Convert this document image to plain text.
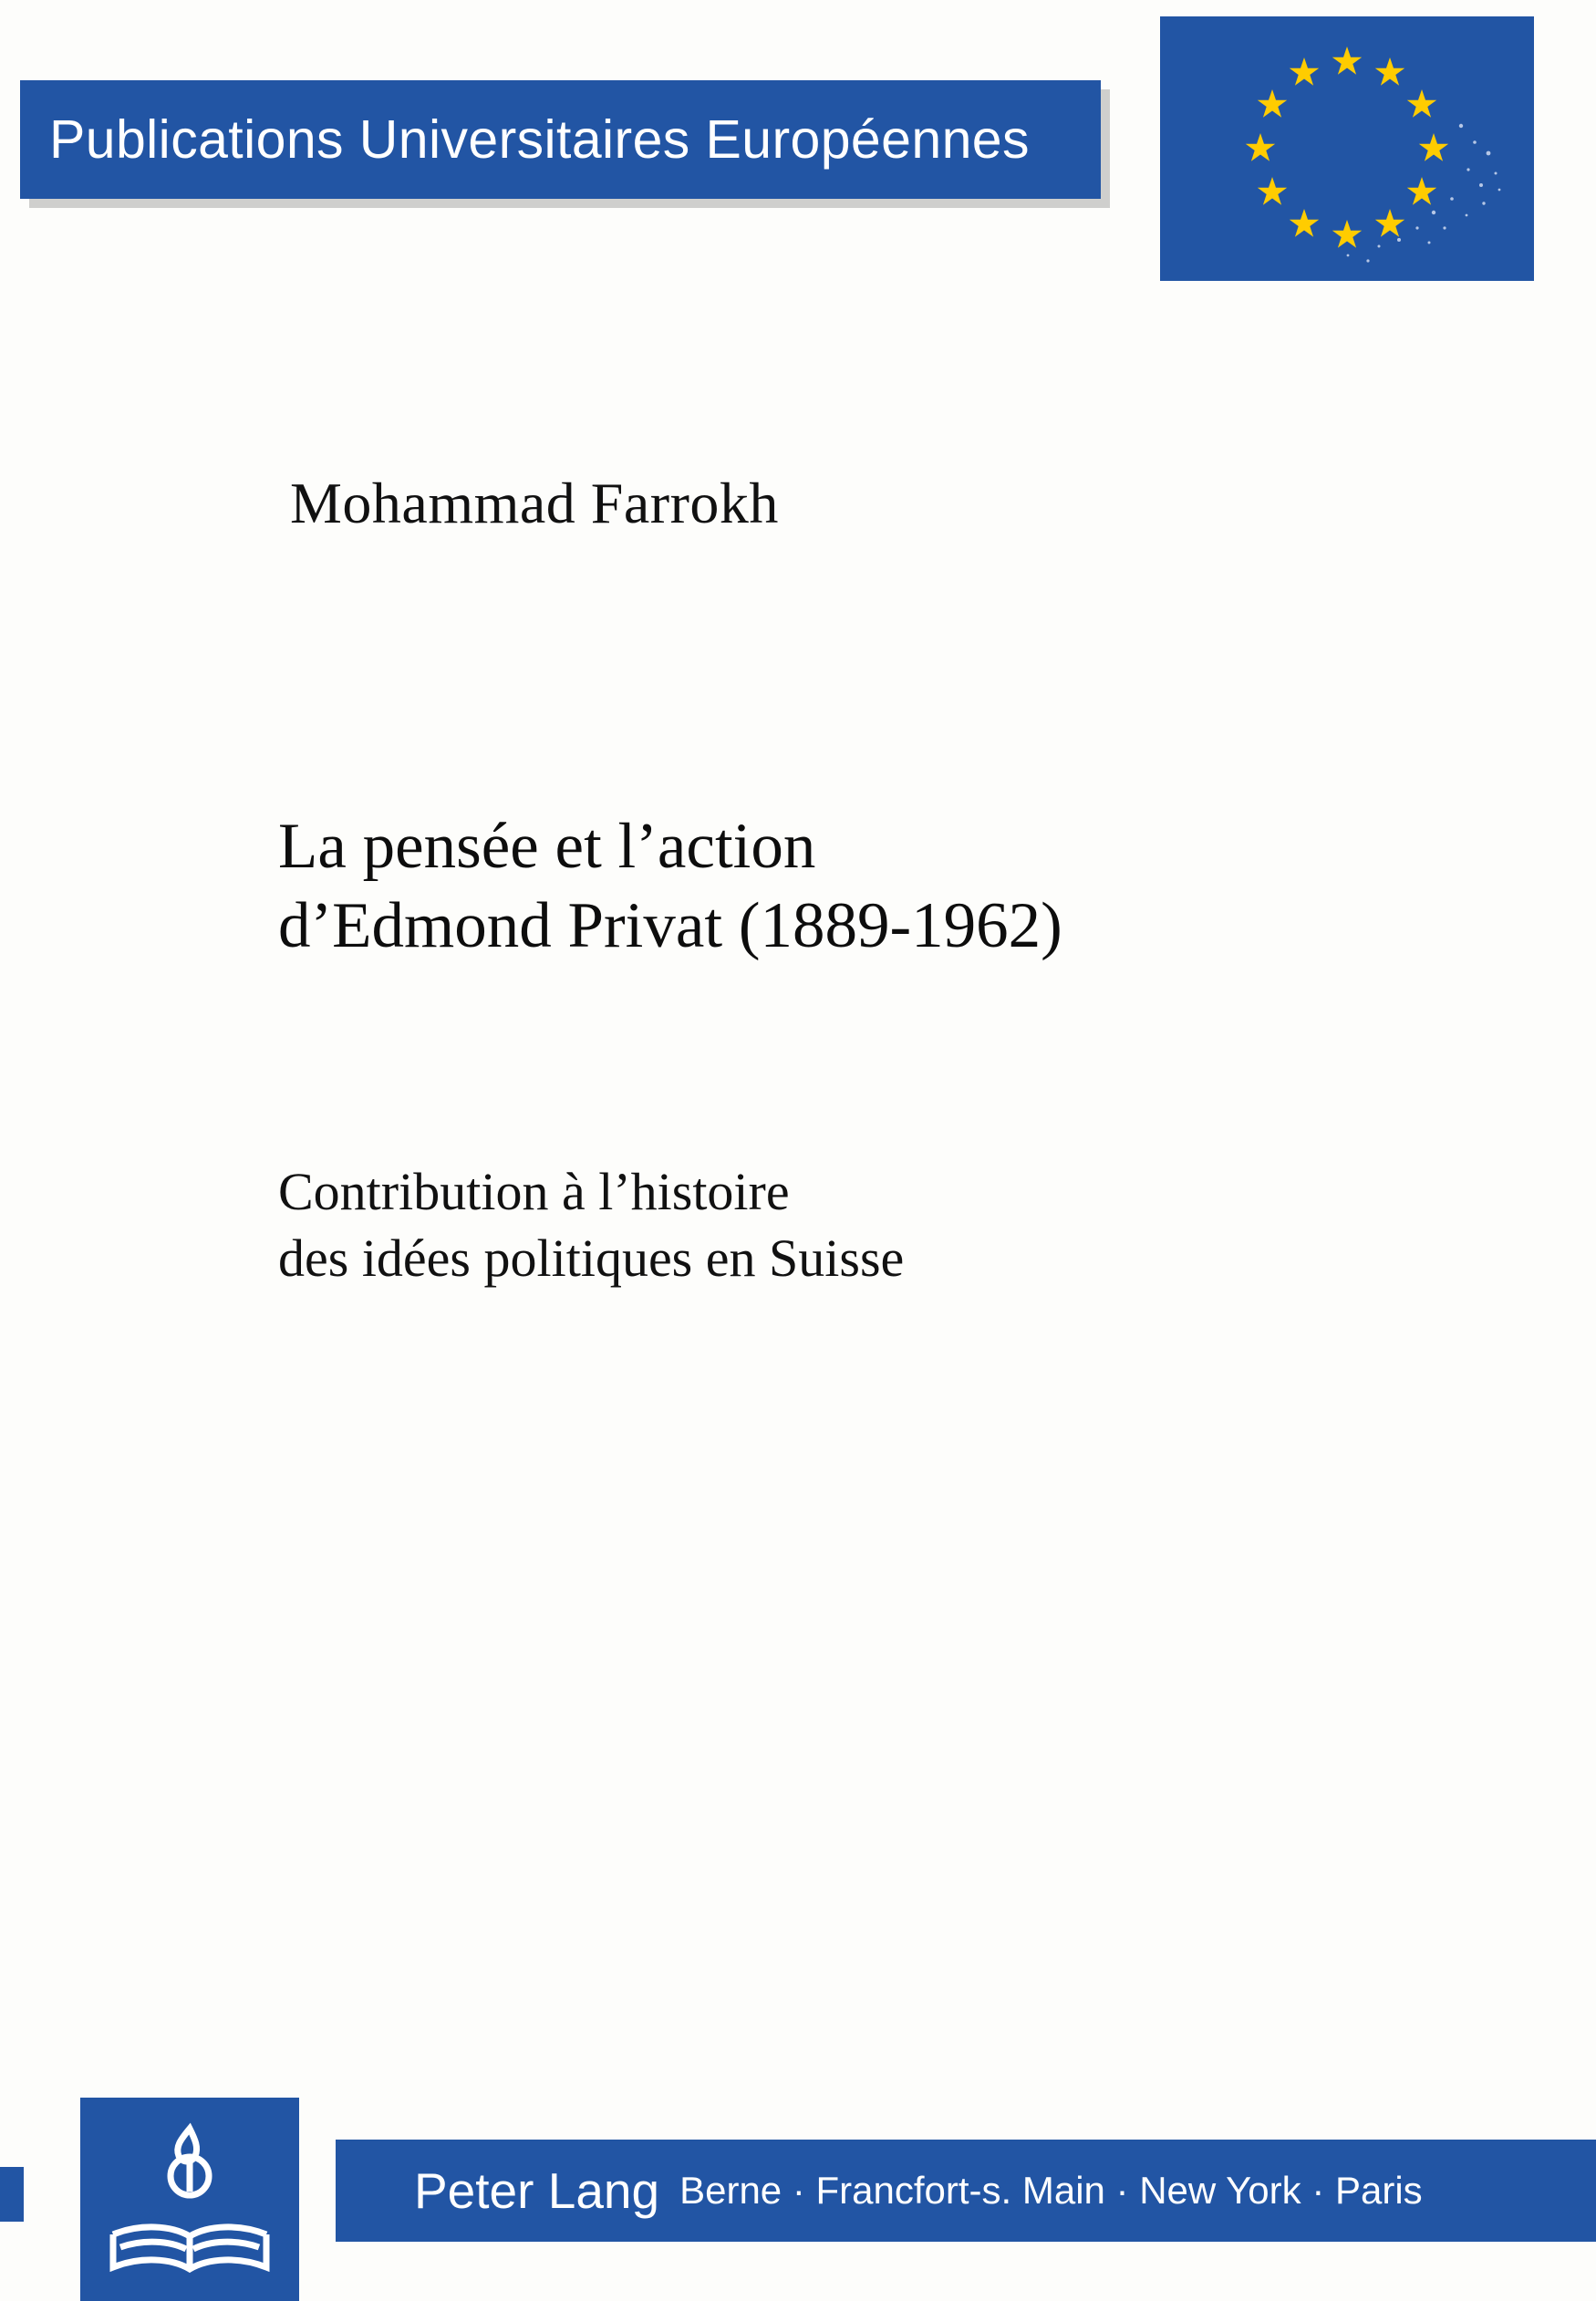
Publications Universitaires Européennes
Mohammad Farrokh
La pensée et l’action
d’Edmond Privat (1889-1962)
Contribution à l’histoire
des idées politiques en Suisse
Peter Lang Berne · Francfort-s. Main · New York · Paris
